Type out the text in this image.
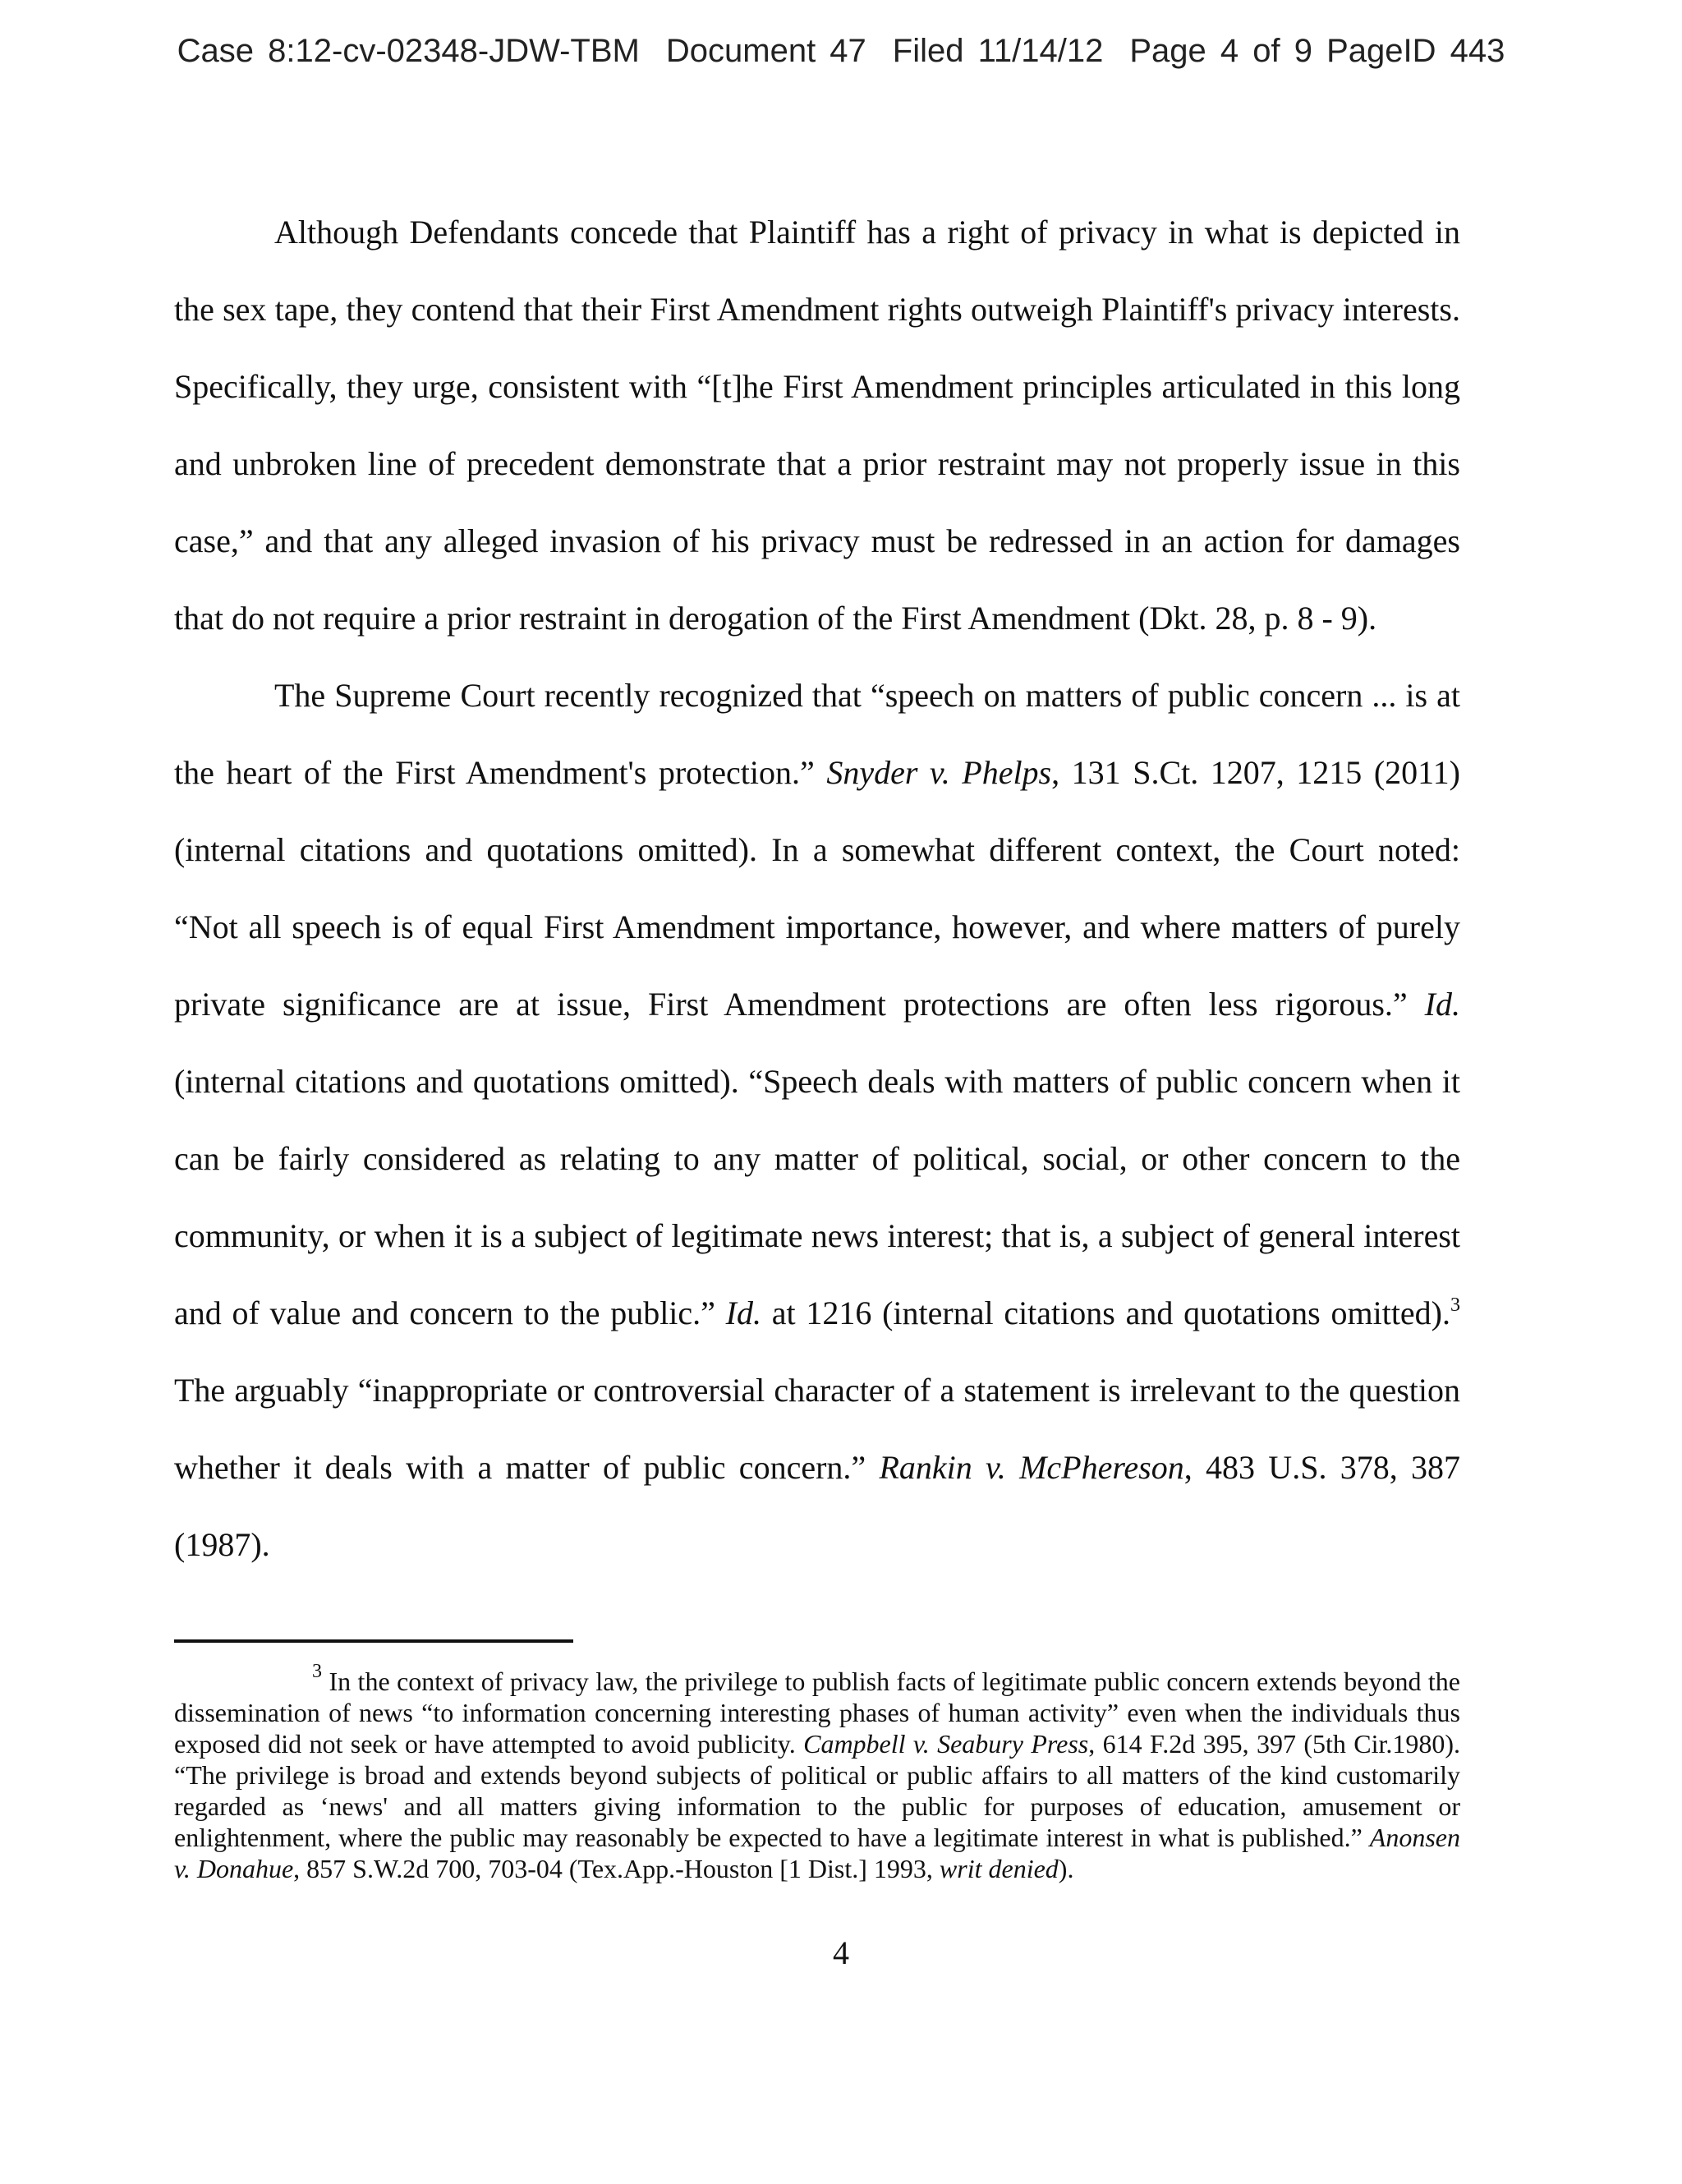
Case 8:12-cv-02348-JDW-TBM Document 47 Filed 11/14/12 Page 4 of 9 PageID 443

Although Defendants concede that Plaintiff has a right of privacy in what is depicted in the sex tape, they contend that their First Amendment rights outweigh Plaintiff's privacy interests. Specifically, they urge, consistent with “[t]he First Amendment principles articulated in this long and unbroken line of precedent demonstrate that a prior restraint may not properly issue in this case,” and that any alleged invasion of his privacy must be redressed in an action for damages that do not require a prior restraint in derogation of the First Amendment (Dkt. 28, p. 8 - 9).

The Supreme Court recently recognized that “speech on matters of public concern ... is at the heart of the First Amendment's protection.” Snyder v. Phelps, 131 S.Ct. 1207, 1215 (2011) (internal citations and quotations omitted). In a somewhat different context, the Court noted: “Not all speech is of equal First Amendment importance, however, and where matters of purely private significance are at issue, First Amendment protections are often less rigorous.” Id. (internal citations and quotations omitted). “Speech deals with matters of public concern when it can be fairly considered as relating to any matter of political, social, or other concern to the community, or when it is a subject of legitimate news interest; that is, a subject of general interest and of value and concern to the public.” Id. at 1216 (internal citations and quotations omitted).$^3$ The arguably “inappropriate or controversial character of a statement is irrelevant to the question whether it deals with a matter of public concern.” Rankin v. McPhereson, 483 U.S. 378, 387 (1987).

$^3$ In the context of privacy law, the privilege to publish facts of legitimate public concern extends beyond the dissemination of news “to information concerning interesting phases of human activity” even when the individuals thus exposed did not seek or have attempted to avoid publicity. Campbell v. Seabury Press, 614 F.2d 395, 397 (5th Cir.1980). “The privilege is broad and extends beyond subjects of political or public affairs to all matters of the kind customarily regarded as ‘news' and all matters giving information to the public for purposes of education, amusement or enlightenment, where the public may reasonably be expected to have a legitimate interest in what is published.” Anonsen v. Donahue, 857 S.W.2d 700, 703-04 (Tex.App.-Houston [1 Dist.] 1993, writ denied).

4
